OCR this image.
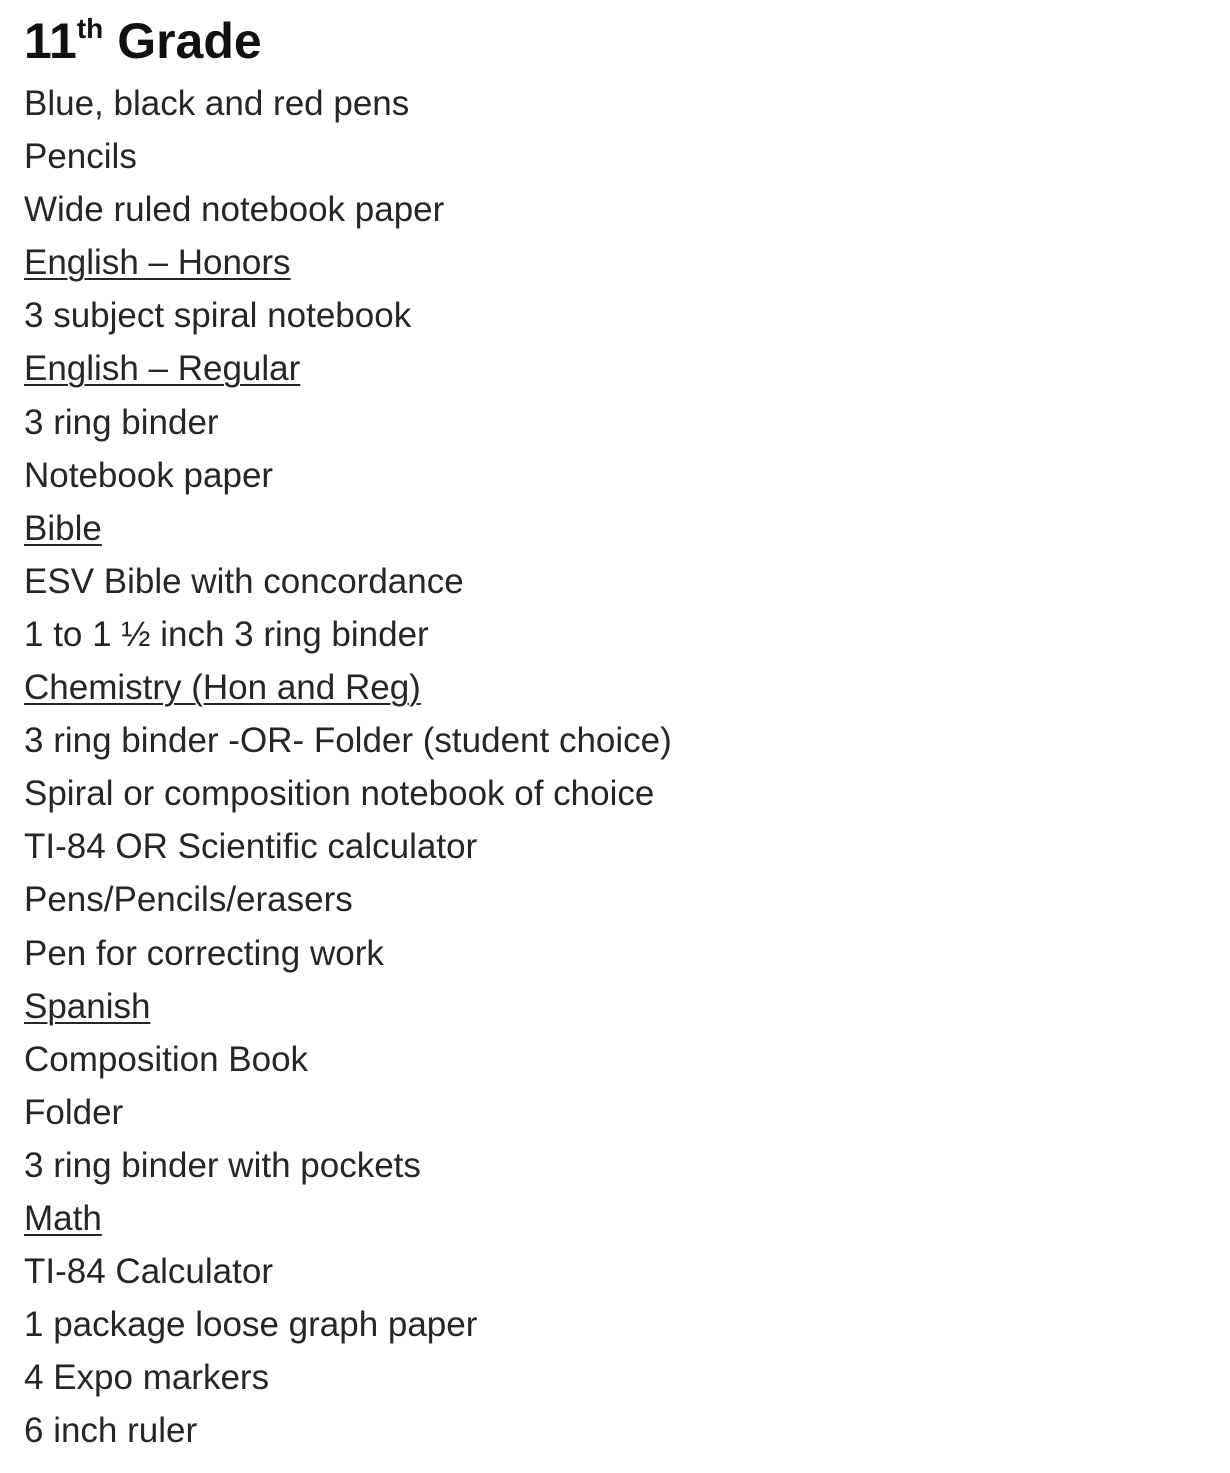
11th Grade
Blue, black and red pens
Pencils
Wide ruled notebook paper
English – Honors
3 subject spiral notebook
English – Regular
3 ring binder
Notebook paper
Bible
ESV Bible with concordance
1 to 1 ½ inch 3 ring binder
Chemistry (Hon and Reg)
3 ring binder -OR- Folder (student choice)
Spiral or composition notebook of choice
TI-84 OR Scientific calculator
Pens/Pencils/erasers
Pen for correcting work
Spanish
Composition Book
Folder
3 ring binder with pockets
Math
TI-84 Calculator
1 package loose graph paper
4 Expo markers
6 inch ruler
